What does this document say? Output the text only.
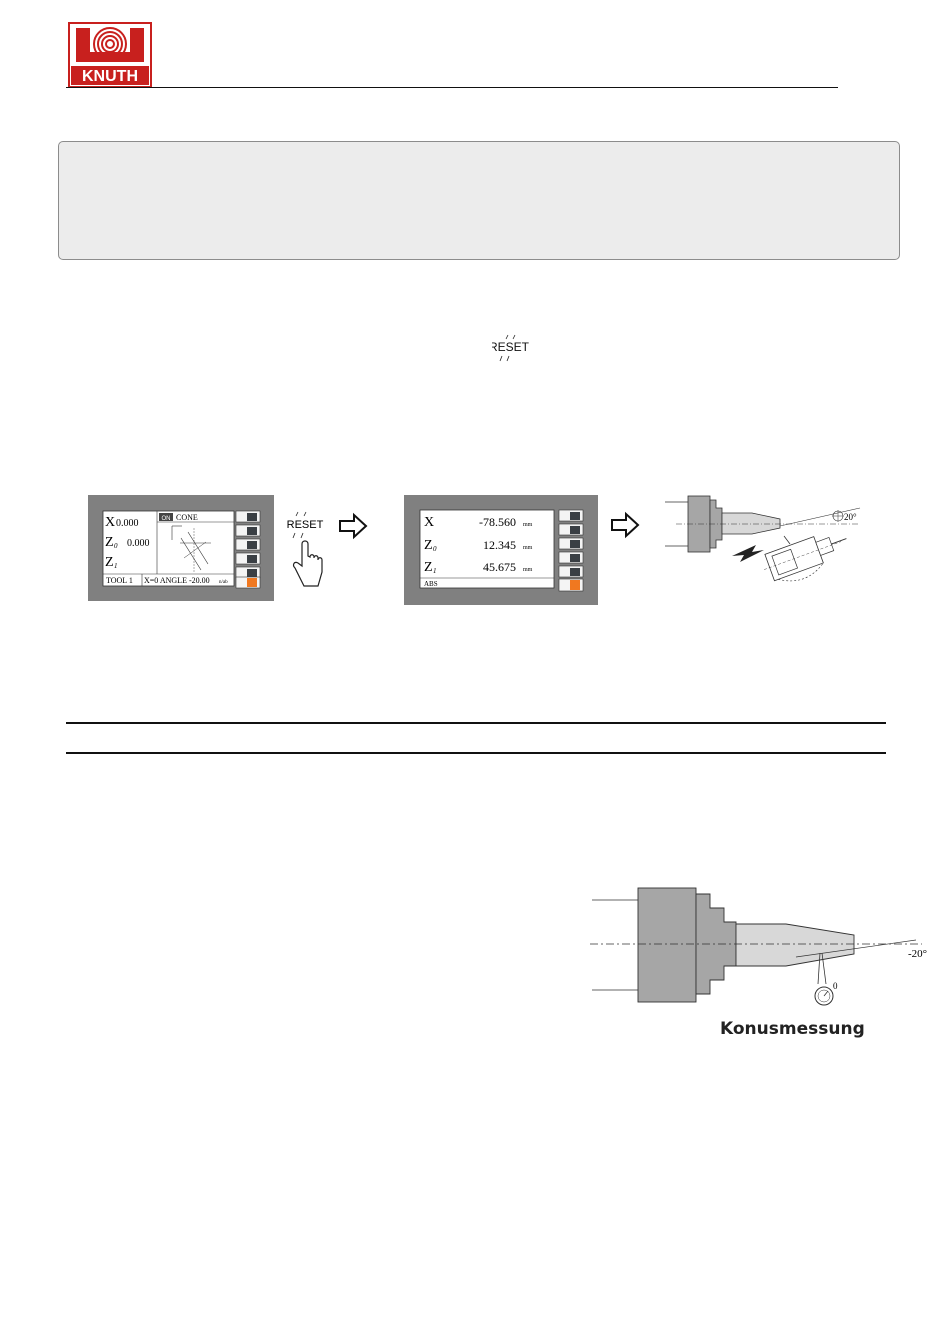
KNUTH
RESET
X 0.000
Z 0 0.000
Z 1
ON CONE
TOOL 1 X=0 ANGLE -20.00 n/ab
RESET	X	-78.560 mm
Z 0	12.345 mm
Z 1	45.675 mm
ABS
20°
-20°
0
Konusmessung
